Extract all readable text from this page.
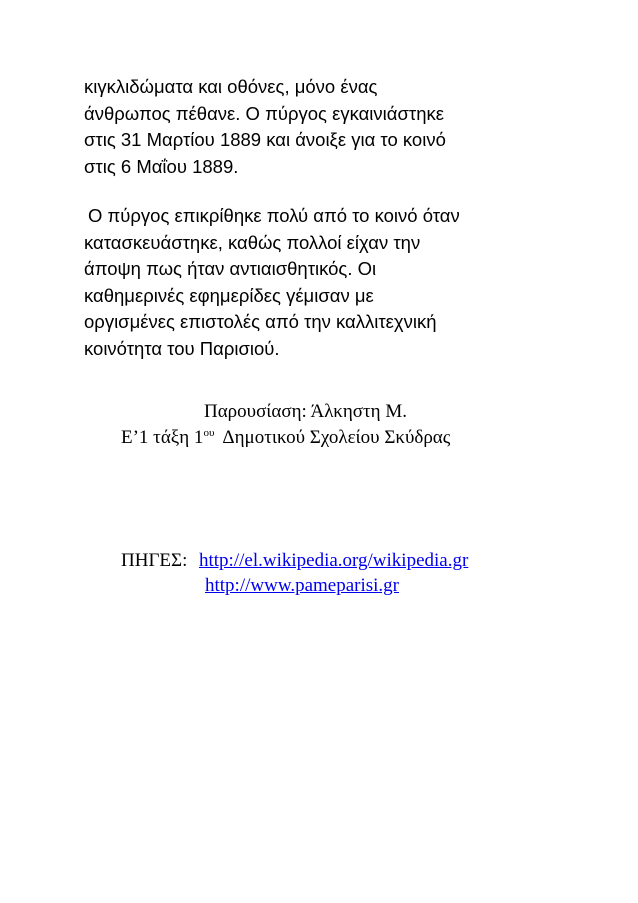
κιγκλιδώματα και οθόνες, μόνο ένας
άνθρωπος πέθανε. Ο πύργος εγκαινιάστηκε
στις 31 Μαρτίου 1889 και άνοιξε για το κοινό
στις 6 Μαΐου 1889.
Ο πύργος επικρίθηκε πολύ από το κοινό όταν
κατασκευάστηκε, καθώς πολλοί είχαν την
άποψη πως ήταν αντιαισθητικός. Οι
καθημερινές εφημερίδες γέμισαν με
οργισμένες επιστολές από την καλλιτεχνική
κοινότητα του Παρισιού.
Παρουσίαση: Άλκηστη Μ.
Ε’1 τάξη $1^{o\upsilon}$ Δημοτικού Σχολείου Σκύδρας
ΠΗΓΕΣ: http://el.wikipedia.org/wikipedia.gr
http://www.pameparisi.gr
